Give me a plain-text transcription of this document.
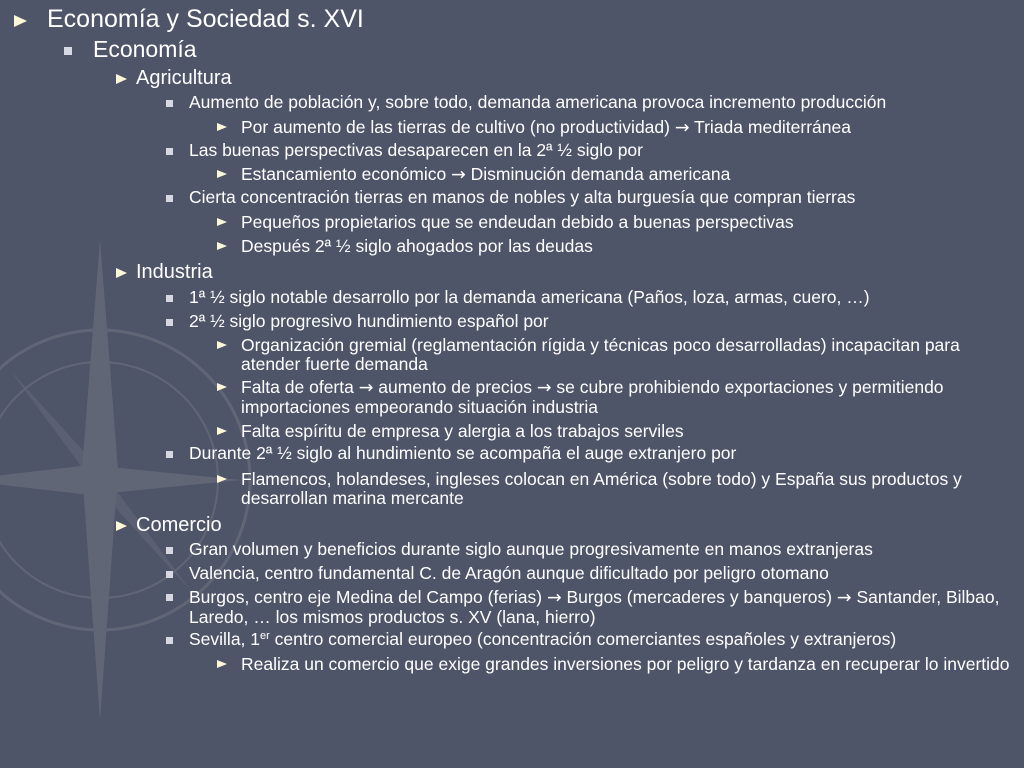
Economía y Sociedad s. XVI
Economía
Agricultura
Aumento de población y, sobre todo, demanda americana provoca incremento producción
Por aumento de las tierras de cultivo (no productividad) → Triada mediterránea
Las buenas perspectivas desaparecen en la 2ª ½ siglo por
Estancamiento económico → Disminución demanda americana
Cierta concentración tierras en manos de nobles y alta burguesía que compran tierras
Pequeños propietarios que se endeudan debido a buenas perspectivas
Después 2ª ½ siglo ahogados por las deudas
Industria
1ª ½ siglo notable desarrollo por la demanda americana (Paños, loza, armas, cuero, …)
2ª ½ siglo progresivo hundimiento español por
Organización gremial (reglamentación rígida y técnicas poco desarrolladas) incapacitan para atender fuerte demanda
Falta de oferta → aumento de precios → se cubre prohibiendo exportaciones y permitiendo importaciones empeorando situación industria
Falta espíritu de empresa y alergia a los trabajos serviles
Durante 2ª ½ siglo al hundimiento se acompaña el auge extranjero por
Flamencos, holandeses, ingleses colocan en América (sobre todo) y España sus productos y desarrollan marina mercante
Comercio
Gran volumen y beneficios durante siglo aunque progresivamente en manos extranjeras
Valencia, centro fundamental C. de Aragón aunque dificultado por peligro otomano
Burgos, centro eje Medina del Campo (ferias) → Burgos (mercaderes y banqueros) → Santander, Bilbao, Laredo, … los mismos productos s. XV (lana, hierro)
Sevilla, 1er centro comercial europeo (concentración comerciantes españoles y extranjeros)
Realiza un comercio que exige grandes inversiones por peligro y tardanza en recuperar lo invertido
